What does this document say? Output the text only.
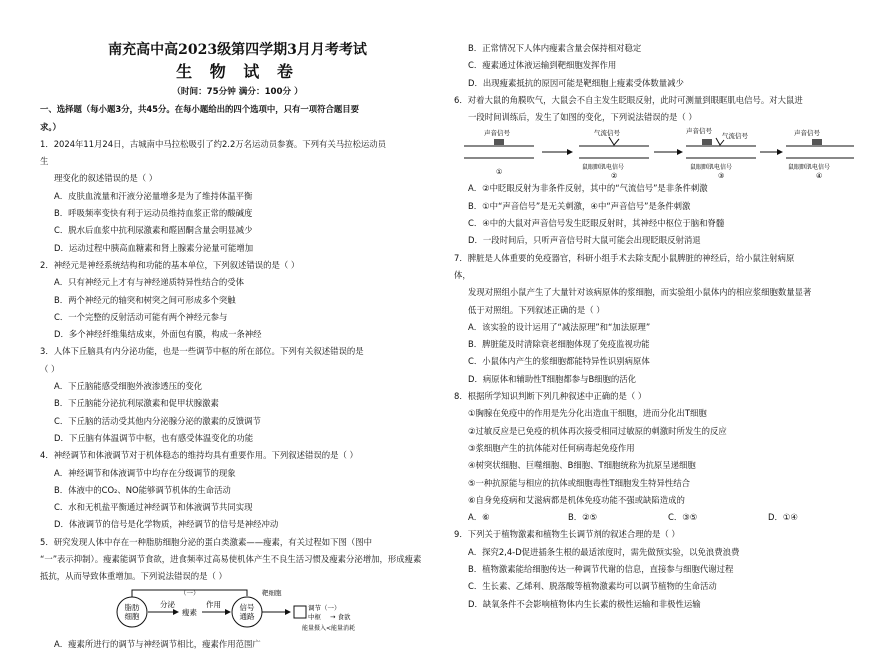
南充高中高2023级第四学期3月月考考试
生 物 试 卷
（时间：75分钟 满分：100分 ）
一、选择题（每小题3分，共45分。在每小题给出的四个选项中，只有一项符合题目要
求。）
1．2024年11月24日，古城南中马拉松吸引了约2.2万名运动员参赛。下列有关马拉松运动员
生
理变化的叙述错误的是（ ）
A．皮肤血流量和汗液分泌量增多是为了维持体温平衡
B．呼吸频率变快有利于运动员维持血浆正常的酸碱度
C．脱水后血浆中抗利尿激素和醛固酮含量会明显减少
D．运动过程中胰高血糖素和肾上腺素分泌量可能增加
2．神经元是神经系统结构和功能的基本单位，下列叙述错误的是（ ）
A．只有神经元上才有与神经递质特异性结合的受体
B．两个神经元的轴突和树突之间可形成多个突触
C．一个完整的反射活动可能有两个神经元参与
D．多个神经纤维集结成束，外面包有膜，构成一条神经
3．人体下丘脑具有内分泌功能，也是一些调节中枢的所在部位。下列有关叙述错误的是
（ ）
A．下丘脑能感受细胞外液渗透压的变化
B．下丘脑能分泌抗利尿激素和促甲状腺激素
C．下丘脑的活动受其他内分泌腺分泌的激素的反馈调节
D．下丘脑有体温调节中枢，也有感受体温变化的功能
4．神经调节和体液调节对于机体稳态的维持均具有重要作用。下列叙述错误的是（ ）
A．神经调节和体液调节中均存在分级调节的现象
B．体液中的CO₂、NO能够调节机体的生命活动
C．水和无机盐平衡通过神经调节和体液调节共同实现
D．体液调节的信号是化学物质，神经调节的信号是神经冲动
5．研究发现人体中存在一种脂肪细胞分泌的蛋白类激素——瘦素，有关过程如下图（图中
“一”表示抑制）。瘦素能调节食欲，进食频率过高易使机体产生不良生活习惯及瘦素分泌增加，形成瘦素
抵抗，从而导致体重增加。下列说法错误的是（ ）
脂肪
细胞
分泌
瘦素
作用 信号
通路
靶细胞
（一）
调节（一）
中枢 → 食欲
能量摄入<能量消耗
A．瘦素所进行的调节与神经调节相比，瘦素作用范围广
B．正常情况下人体内瘦素含量会保持相对稳定
C．瘦素通过体液运输到靶细胞发挥作用
D．出现瘦素抵抗的原因可能是靶细胞上瘦素受体数量减少
6．对着大鼠的角膜吹气，大鼠会不自主发生眨眼反射，此时可测量到眼眶肌电信号。对大鼠进
一段时间训练后，发生了如图的变化，下列说法错误的是（ ）
声音信号
①
气流信号
鼠眼眶肌电信号
②
声音信号
气流信号
鼠眼眶肌电信号
③
声音信号
鼠眼眶肌电信号
④
A．②中眨眼反射为非条件反射，其中的“气流信号”是非条件刺激
B．①中“声音信号”是无关刺激，④中“声音信号”是条件刺激
C．④中的大鼠对声音信号发生眨眼反射时，其神经中枢位于脑和脊髓
D．一段时间后，只听声音信号时大鼠可能会出现眨眼反射消退
7．脾脏是人体重要的免疫器官，科研小组手术去除支配小鼠脾脏的神经后，给小鼠注射病原
体，
发现对照组小鼠产生了大量针对该病原体的浆细胞，而实验组小鼠体内的相应浆细胞数量显著
低于对照组。下列叙述正确的是（ ）
A．该实验的设计运用了“减法原理”和“加法原理”
B．脾脏能及时清除衰老细胞体现了免疫监视功能
C．小鼠体内产生的浆细胞都能特异性识别病原体
D．病原体和辅助性T细胞都参与B细胞的活化
8．根据所学知识判断下列几种叙述中正确的是（ ）
①胸腺在免疫中的作用是先分化出造血干细胞，进而分化出T细胞
②过敏反应是已免疫的机体再次接受相同过敏原的刺激时所发生的反应
③浆细胞产生的抗体能对任何病毒起免疫作用
④树突状细胞、巨噬细胞、B细胞、T细胞统称为抗原呈递细胞
⑤一种抗原能与相应的抗体或细胞毒性T细胞发生特异性结合
⑥自身免疫病和艾滋病都是机体免疫功能不强或缺陷造成的
A．⑥	B．②⑤	C．③⑤	D．①④
9．下列关于植物激素和植物生长调节剂的叙述合理的是（ ）
A．探究2,4-D促进插条生根的最适浓度时，需先做预实验，以免浪费浪费
B．植物激素能给细胞传达一种调节代谢的信息，直接参与细胞代谢过程
C．生长素、乙烯利、脱落酸等植物激素均可以调节植物的生命活动
D．缺氧条件不会影响植物体内生长素的极性运输和非极性运输
